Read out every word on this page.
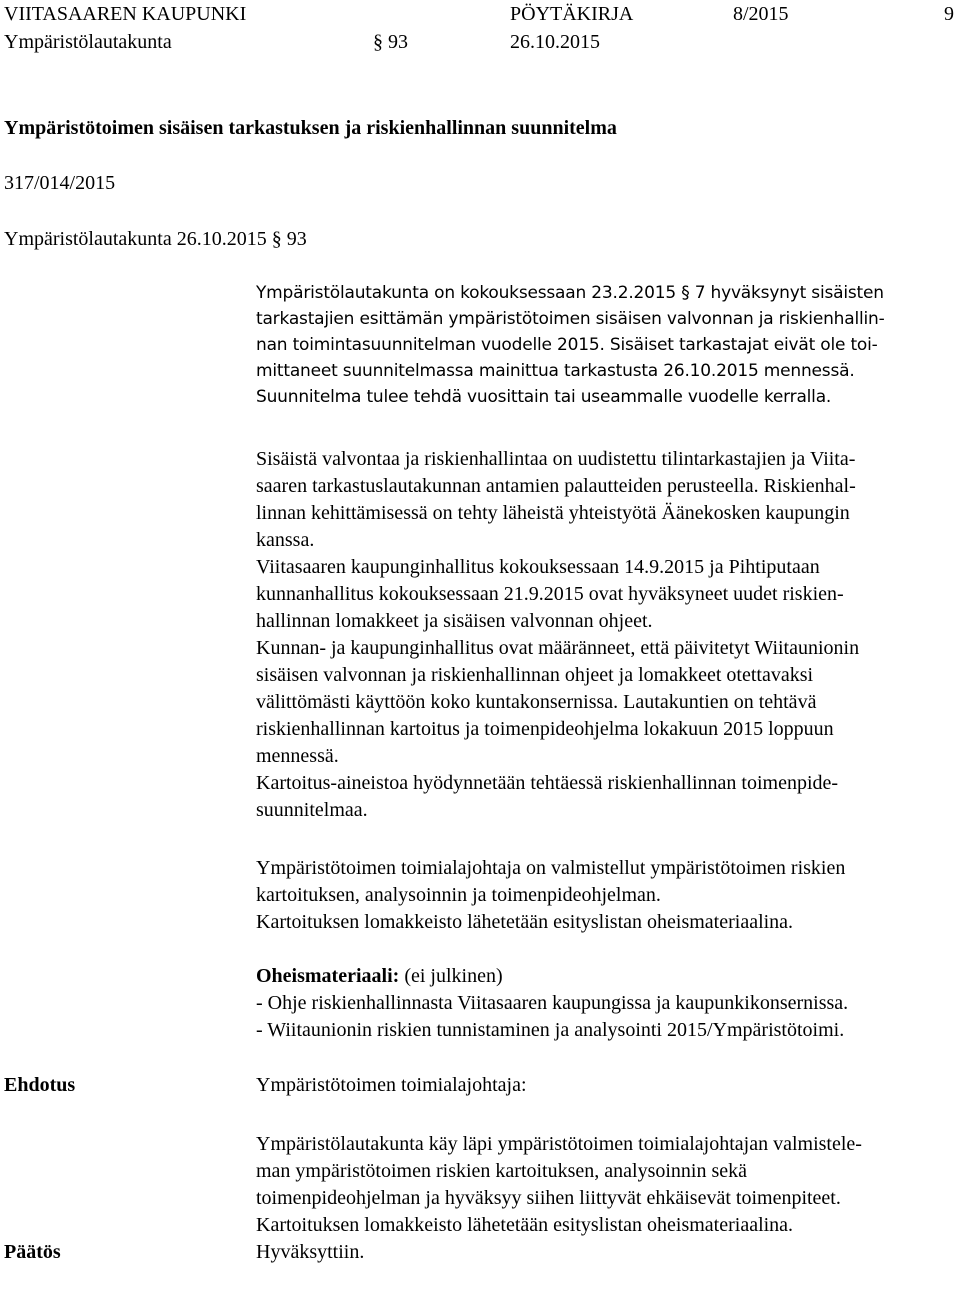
VIITASAAREN KAUPUNKI	PÖYTÄKIRJA	8/2015	9
Ympäristölautakunta	§ 93	26.10.2015
Ympäristötoimen sisäisen tarkastuksen ja riskienhallinnan suunnitelma
317/014/2015
Ympäristölautakunta 26.10.2015 § 93
Ympäristölautakunta on kokouksessaan 23.2.2015 § 7 hyväksynyt sisäisten
tarkastajien esittämän ympäristötoimen sisäisen valvonnan ja riskienhallin-
nan toimintasuunnitelman vuodelle 2015. Sisäiset tarkastajat eivät ole toi-
mittaneet suunnitelmassa mainittua tarkastusta 26.10.2015 mennessä.
Suunnitelma tulee tehdä vuosittain tai useammalle vuodelle kerralla.
Sisäistä valvontaa ja riskienhallintaa on uudistettu tilintarkastajien ja Viita-
saaren tarkastuslautakunnan antamien palautteiden perusteella. Riskienhal-
linnan kehittämisessä on tehty läheistä yhteistyötä Äänekosken kaupungin
kanssa.
Viitasaaren kaupunginhallitus kokouksessaan 14.9.2015 ja Pihtiputaan
kunnanhallitus kokouksessaan 21.9.2015 ovat hyväksyneet uudet riskien-
hallinnan lomakkeet ja sisäisen valvonnan ohjeet.
Kunnan- ja kaupunginhallitus ovat määränneet, että päivitetyt Wiitaunionin
sisäisen valvonnan ja riskienhallinnan ohjeet ja lomakkeet otettavaksi
välittömästi käyttöön koko kuntakonsernissa. Lautakuntien on tehtävä
riskienhallinnan kartoitus ja toimenpideohjelma lokakuun 2015 loppuun
mennessä.
Kartoitus-aineistoa hyödynnetään tehtäessä riskienhallinnan toimenpide-
suunnitelmaa.
Ympäristötoimen toimialajohtaja on valmistellut ympäristötoimen riskien
kartoituksen, analysoinnin ja toimenpideohjelman.
Kartoituksen lomakkeisto lähetetään esityslistan oheismateriaalina.
Oheismateriaali: (ei julkinen)
- Ohje riskienhallinnasta Viitasaaren kaupungissa ja kaupunkikonsernissa.
- Wiitaunionin riskien tunnistaminen ja analysointi 2015/Ympäristötoimi.
Ehdotus	Ympäristötoimen toimialajohtaja:
Ympäristölautakunta käy läpi ympäristötoimen toimialajohtajan valmistele-
man ympäristötoimen riskien kartoituksen, analysoinnin sekä
toimenpideohjelman ja hyväksyy siihen liittyvät ehkäisevät toimenpiteet.
Kartoituksen lomakkeisto lähetetään esityslistan oheismateriaalina.
Päätös	Hyväksyttiin.
